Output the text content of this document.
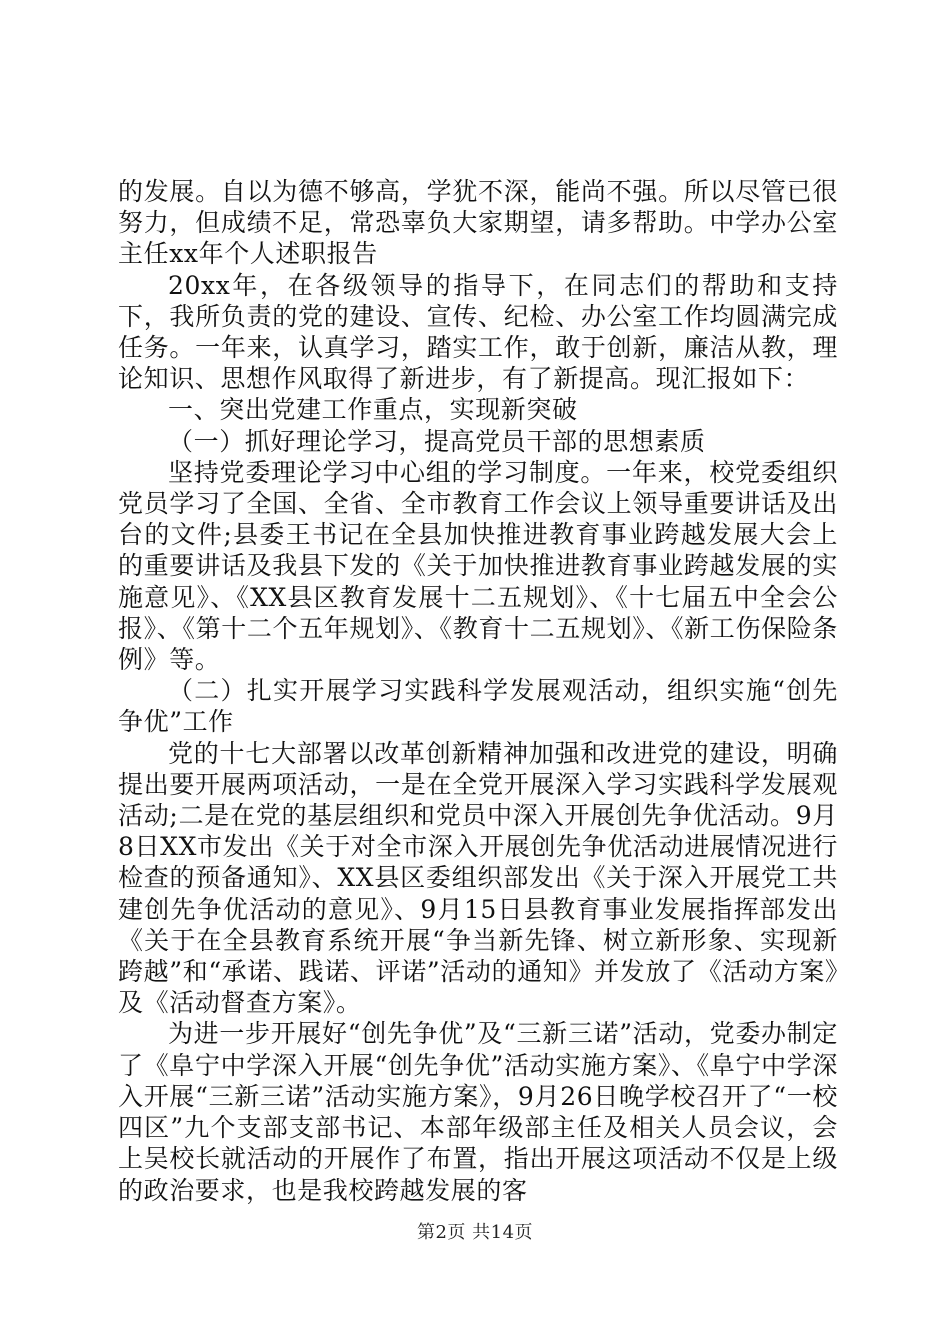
的发展。自以为德不够高，学犹不深，能尚不强。所以尽管已很努力，但成绩不足，常恐辜负大家期望，请多帮助。中学办公室主任xx年个人述职报告

20xx年，在各级领导的指导下，在同志们的帮助和支持下，我所负责的党的建设、宣传、纪检、办公室工作均圆满完成任务。一年来，认真学习，踏实工作，敢于创新，廉洁从教，理论知识、思想作风取得了新进步，有了新提高。现汇报如下：

一、突出党建工作重点，实现新突破

（一）抓好理论学习，提高党员干部的思想素质

坚持党委理论学习中心组的学习制度。一年来，校党委组织党员学习了全国、全省、全市教育工作会议上领导重要讲话及出台的文件;县委王书记在全县加快推进教育事业跨越发展大会上的重要讲话及我县下发的《关于加快推进教育事业跨越发展的实施意见》、《XX县区教育发展十二五规划》、《十七届五中全会公报》、《第十二个五年规划》、《教育十二五规划》、《新工伤保险条例》等。

（二）扎实开展学习实践科学发展观活动，组织实施“创先争优”工作

党的十七大部署以改革创新精神加强和改进党的建设，明确提出要开展两项活动，一是在全党开展深入学习实践科学发展观活动;二是在党的基层组织和党员中深入开展创先争优活动。9月8日XX市发出《关于对全市深入开展创先争优活动进展情况进行检查的预备通知》、XX县区委组织部发出《关于深入开展党工共建创先争优活动的意见》、9月15日县教育事业发展指挥部发出《关于在全县教育系统开展“争当新先锋、树立新形象、实现新跨越”和“承诺、践诺、评诺”活动的通知》并发放了《活动方案》及《活动督查方案》。

为进一步开展好“创先争优”及“三新三诺”活动，党委办制定了《阜宁中学深入开展“创先争优”活动实施方案》、《阜宁中学深入开展“三新三诺”活动实施方案》，9月26日晚学校召开了“一校四区”九个支部支部书记、本部年级部主任及相关人员会议，会上吴校长就活动的开展作了布置，指出开展这项活动不仅是上级的政治要求，也是我校跨越发展的客

第2页 共14页
